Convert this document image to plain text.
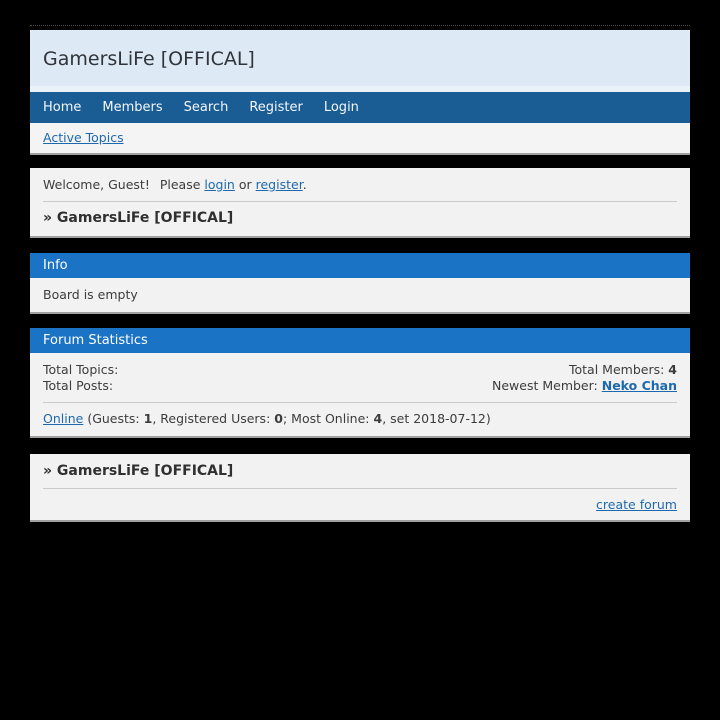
GamersLiFe [OFFICAL]
Home Members Search Register Login
Active Topics
Welcome, Guest! Please login or register.
» GamersLiFe [OFFICAL]
Info
Board is empty
Forum Statistics
Total Topics:
Total Posts:
Total Members: 4
Newest Member: Neko Chan
Online (Guests: 1, Registered Users: 0; Most Online: 4, set 2018-07-12)
» GamersLiFe [OFFICAL]
create forum
